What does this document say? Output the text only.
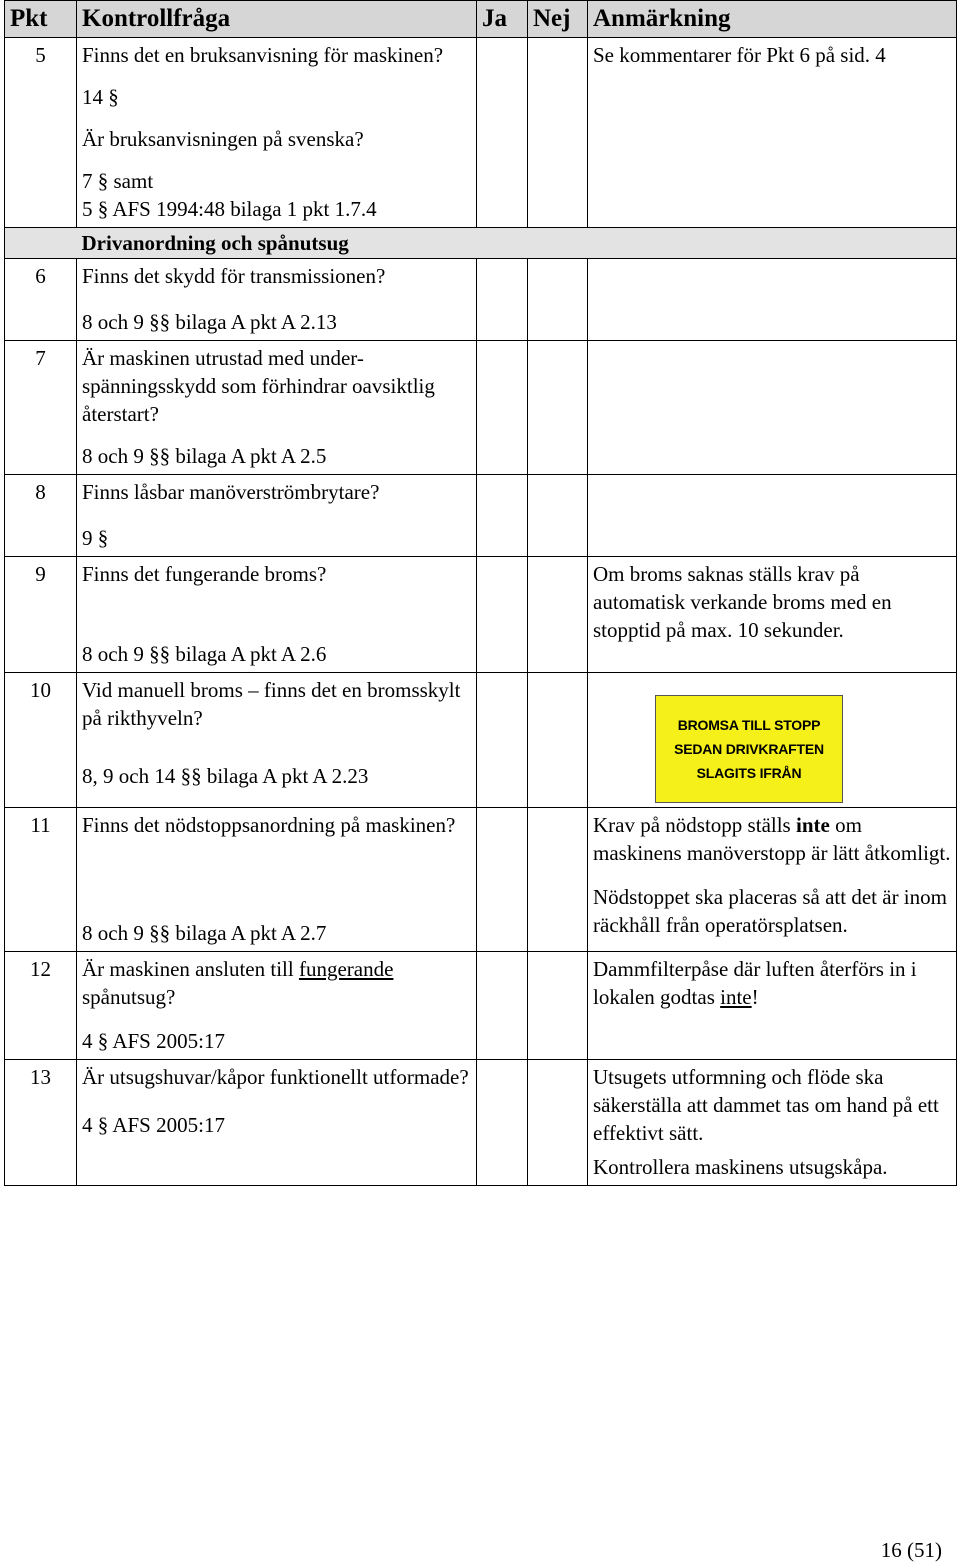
Pkt	Kontrollfråga	Ja	Nej	Anmärkning
5	Finns det en bruksanvisning för maskinen?
14 §
Är bruksanvisningen på svenska?
7 § samt
5 § AFS 1994:48 bilaga 1 pkt 1.7.4			Se kommentarer för Pkt 6 på sid. 4
	Drivanordning och spånutsug			
6	Finns det skydd för transmissionen?
8 och 9 §§ bilaga A pkt A 2.13			

7	Är maskinen utrustad med under-spänningsskydd som förhindrar oavsiktlig återstart?
8 och 9 §§ bilaga A pkt A 2.5			

8	Finns låsbar manöverströmbrytare?
9 §			

9	Finns det fungerande broms?
8 och 9 §§ bilaga A pkt A 2.6			Om broms saknas ställs krav på automatisk verkande broms med en stopptid på max. 10 sekunder.
10	Vid manuell broms – finns det en bromsskylt på rikthyveln?
8, 9 och 14 §§ bilaga A pkt A 2.23			BROMSA TILL STOPP
SEDAN DRIVKRAFTEN
SLAGITS IFRÅN

11	Finns det nödstoppsanordning på maskinen?
8 och 9 §§ bilaga A pkt A 2.7			Krav på nödstopp ställs inte om maskinens manöverstopp är lätt åtkomligt.
Nödstoppet ska placeras så att det är inom räckhåll från operatörsplatsen.

12	Är maskinen ansluten till fungerande spånutsug?
4 § AFS 2005:17			Dammfilterpåse där luften återförs in i lokalen godtas inte!

13	Är utsugshuvar/kåpor funktionellt utformade?
4 § AFS 2005:17			Utsugets utformning och flöde ska säkerställa att dammet tas om hand på ett effektivt sätt.
Kontrollera maskinens utsugskåpa.
16 (51)
